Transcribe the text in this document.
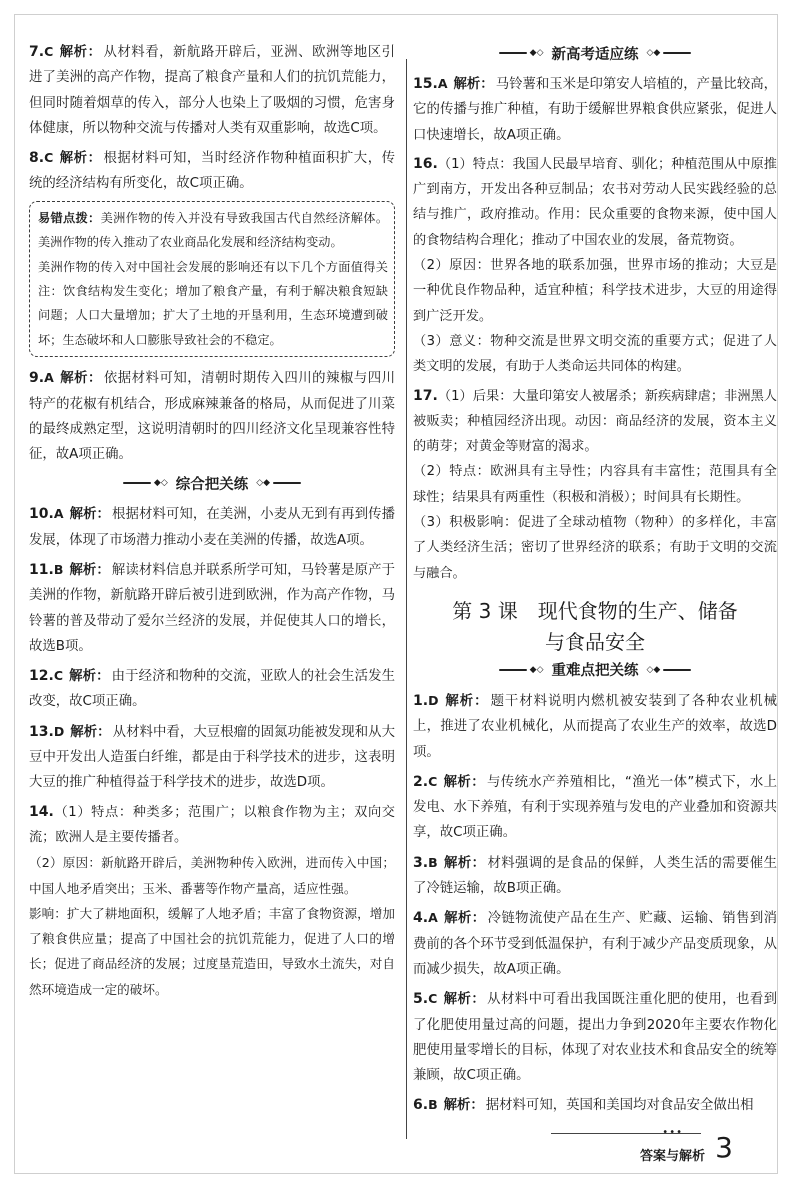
7.C 解析： 从材料看，新航路开辟后，亚洲、欧洲等地区引进了美洲的高产作物，提高了粮食产量和人们的抗饥荒能力，但同时随着烟草的传入，部分人也染上了吸烟的习惯，危害身体健康，所以物种交流与传播对人类有双重影响，故选C项。

8.C 解析： 根据材料可知，当时经济作物种植面积扩大，传统的经济结构有所变化，故C项正确。

易错点拨：美洲作物的传入并没有导致我国古代自然经济解体。美洲作物的传入推动了农业商品化发展和经济结构变动。
美洲作物的传入对中国社会发展的影响还有以下几个方面值得关注：饮食结构发生变化；增加了粮食产量，有利于解决粮食短缺问题；人口大量增加；扩大了土地的开垦利用，生态环境遭到破坏；生态破坏和人口膨胀导致社会的不稳定。

9.A 解析： 依据材料可知，清朝时期传入四川的辣椒与四川特产的花椒有机结合，形成麻辣兼备的格局，从而促进了川菜的最终成熟定型，这说明清朝时的四川经济文化呈现兼容性特征，故A项正确。

◆◇ 综合把关练 ◇◆

10.A 解析： 根据材料可知，在美洲，小麦从无到有再到传播发展，体现了市场潜力推动小麦在美洲的传播，故选A项。

11.B 解析： 解读材料信息并联系所学可知，马铃薯是原产于美洲的作物，新航路开辟后被引进到欧洲，作为高产作物，马铃薯的普及带动了爱尔兰经济的发展，并促使其人口的增长，故选B项。

12.C 解析： 由于经济和物种的交流，亚欧人的社会生活发生改变，故C项正确。

13.D 解析： 从材料中看，大豆根瘤的固氮功能被发现和从大豆中开发出人造蛋白纤维，都是由于科学技术的进步，这表明大豆的推广种植得益于科学技术的进步，故选D项。

14.（1）特点：种类多；范围广；以粮食作物为主；双向交流；欧洲人是主要传播者。

（2）原因：新航路开辟后，美洲物种传入欧洲，进而传入中国；中国人地矛盾突出；玉米、番薯等作物产量高，适应性强。

影响：扩大了耕地面积，缓解了人地矛盾；丰富了食物资源，增加了粮食供应量；提高了中国社会的抗饥荒能力，促进了人口的增长；促进了商品经济的发展；过度垦荒造田，导致水土流失，对自然环境造成一定的破坏。

◆◇ 新高考适应练 ◇◆

15.A 解析： 马铃薯和玉米是印第安人培植的，产量比较高，它的传播与推广种植，有助于缓解世界粮食供应紧张，促进人口快速增长，故A项正确。

16.（1）特点：我国人民最早培育、驯化；种植范围从中原推广到南方，开发出各种豆制品；农书对劳动人民实践经验的总结与推广，政府推动。作用：民众重要的食物来源，使中国人的食物结构合理化；推动了中国农业的发展，备荒物资。

（2）原因：世界各地的联系加强，世界市场的推动；大豆是一种优良作物品种，适宜种植；科学技术进步，大豆的用途得到广泛开发。

（3）意义：物种交流是世界文明交流的重要方式；促进了人类文明的发展，有助于人类命运共同体的构建。

17.（1）后果：大量印第安人被屠杀；新疾病肆虐；非洲黑人被贩卖；种植园经济出现。动因：商品经济的发展，资本主义的萌芽；对黄金等财富的渴求。

（2）特点：欧洲具有主导性；内容具有丰富性；范围具有全球性；结果具有两重性（积极和消极）；时间具有长期性。

（3）积极影响：促进了全球动植物（物种）的多样化，丰富了人类经济生活；密切了世界经济的联系；有助于文明的交流与融合。

第 3 课　现代食物的生产、储备
与食品安全
◆◇ 重难点把关练 ◇◆

1.D 解析： 题干材料说明内燃机被安装到了各种农业机械上，推进了农业机械化，从而提高了农业生产的效率，故选D项。

2.C 解析： 与传统水产养殖相比，“渔光一体”模式下，水上发电、水下养殖，有利于实现养殖与发电的产业叠加和资源共享，故C项正确。

3.B 解析： 材料强调的是食品的保鲜，人类生活的需要催生了冷链运输，故B项正确。

4.A 解析： 冷链物流使产品在生产、贮藏、运输、销售到消费前的各个环节受到低温保护，有利于减少产品变质现象，从而减少损失，故A项正确。

5.C 解析： 从材料中可看出我国既注重化肥的使用，也看到了化肥使用量过高的问题，提出力争到2020年主要农作物化肥使用量零增长的目标，体现了对农业技术和食品安全的统筹兼顾，故C项正确。

6.B 解析： 据材料可知，英国和美国均对食品安全做出相

•••
答案与解析 3
